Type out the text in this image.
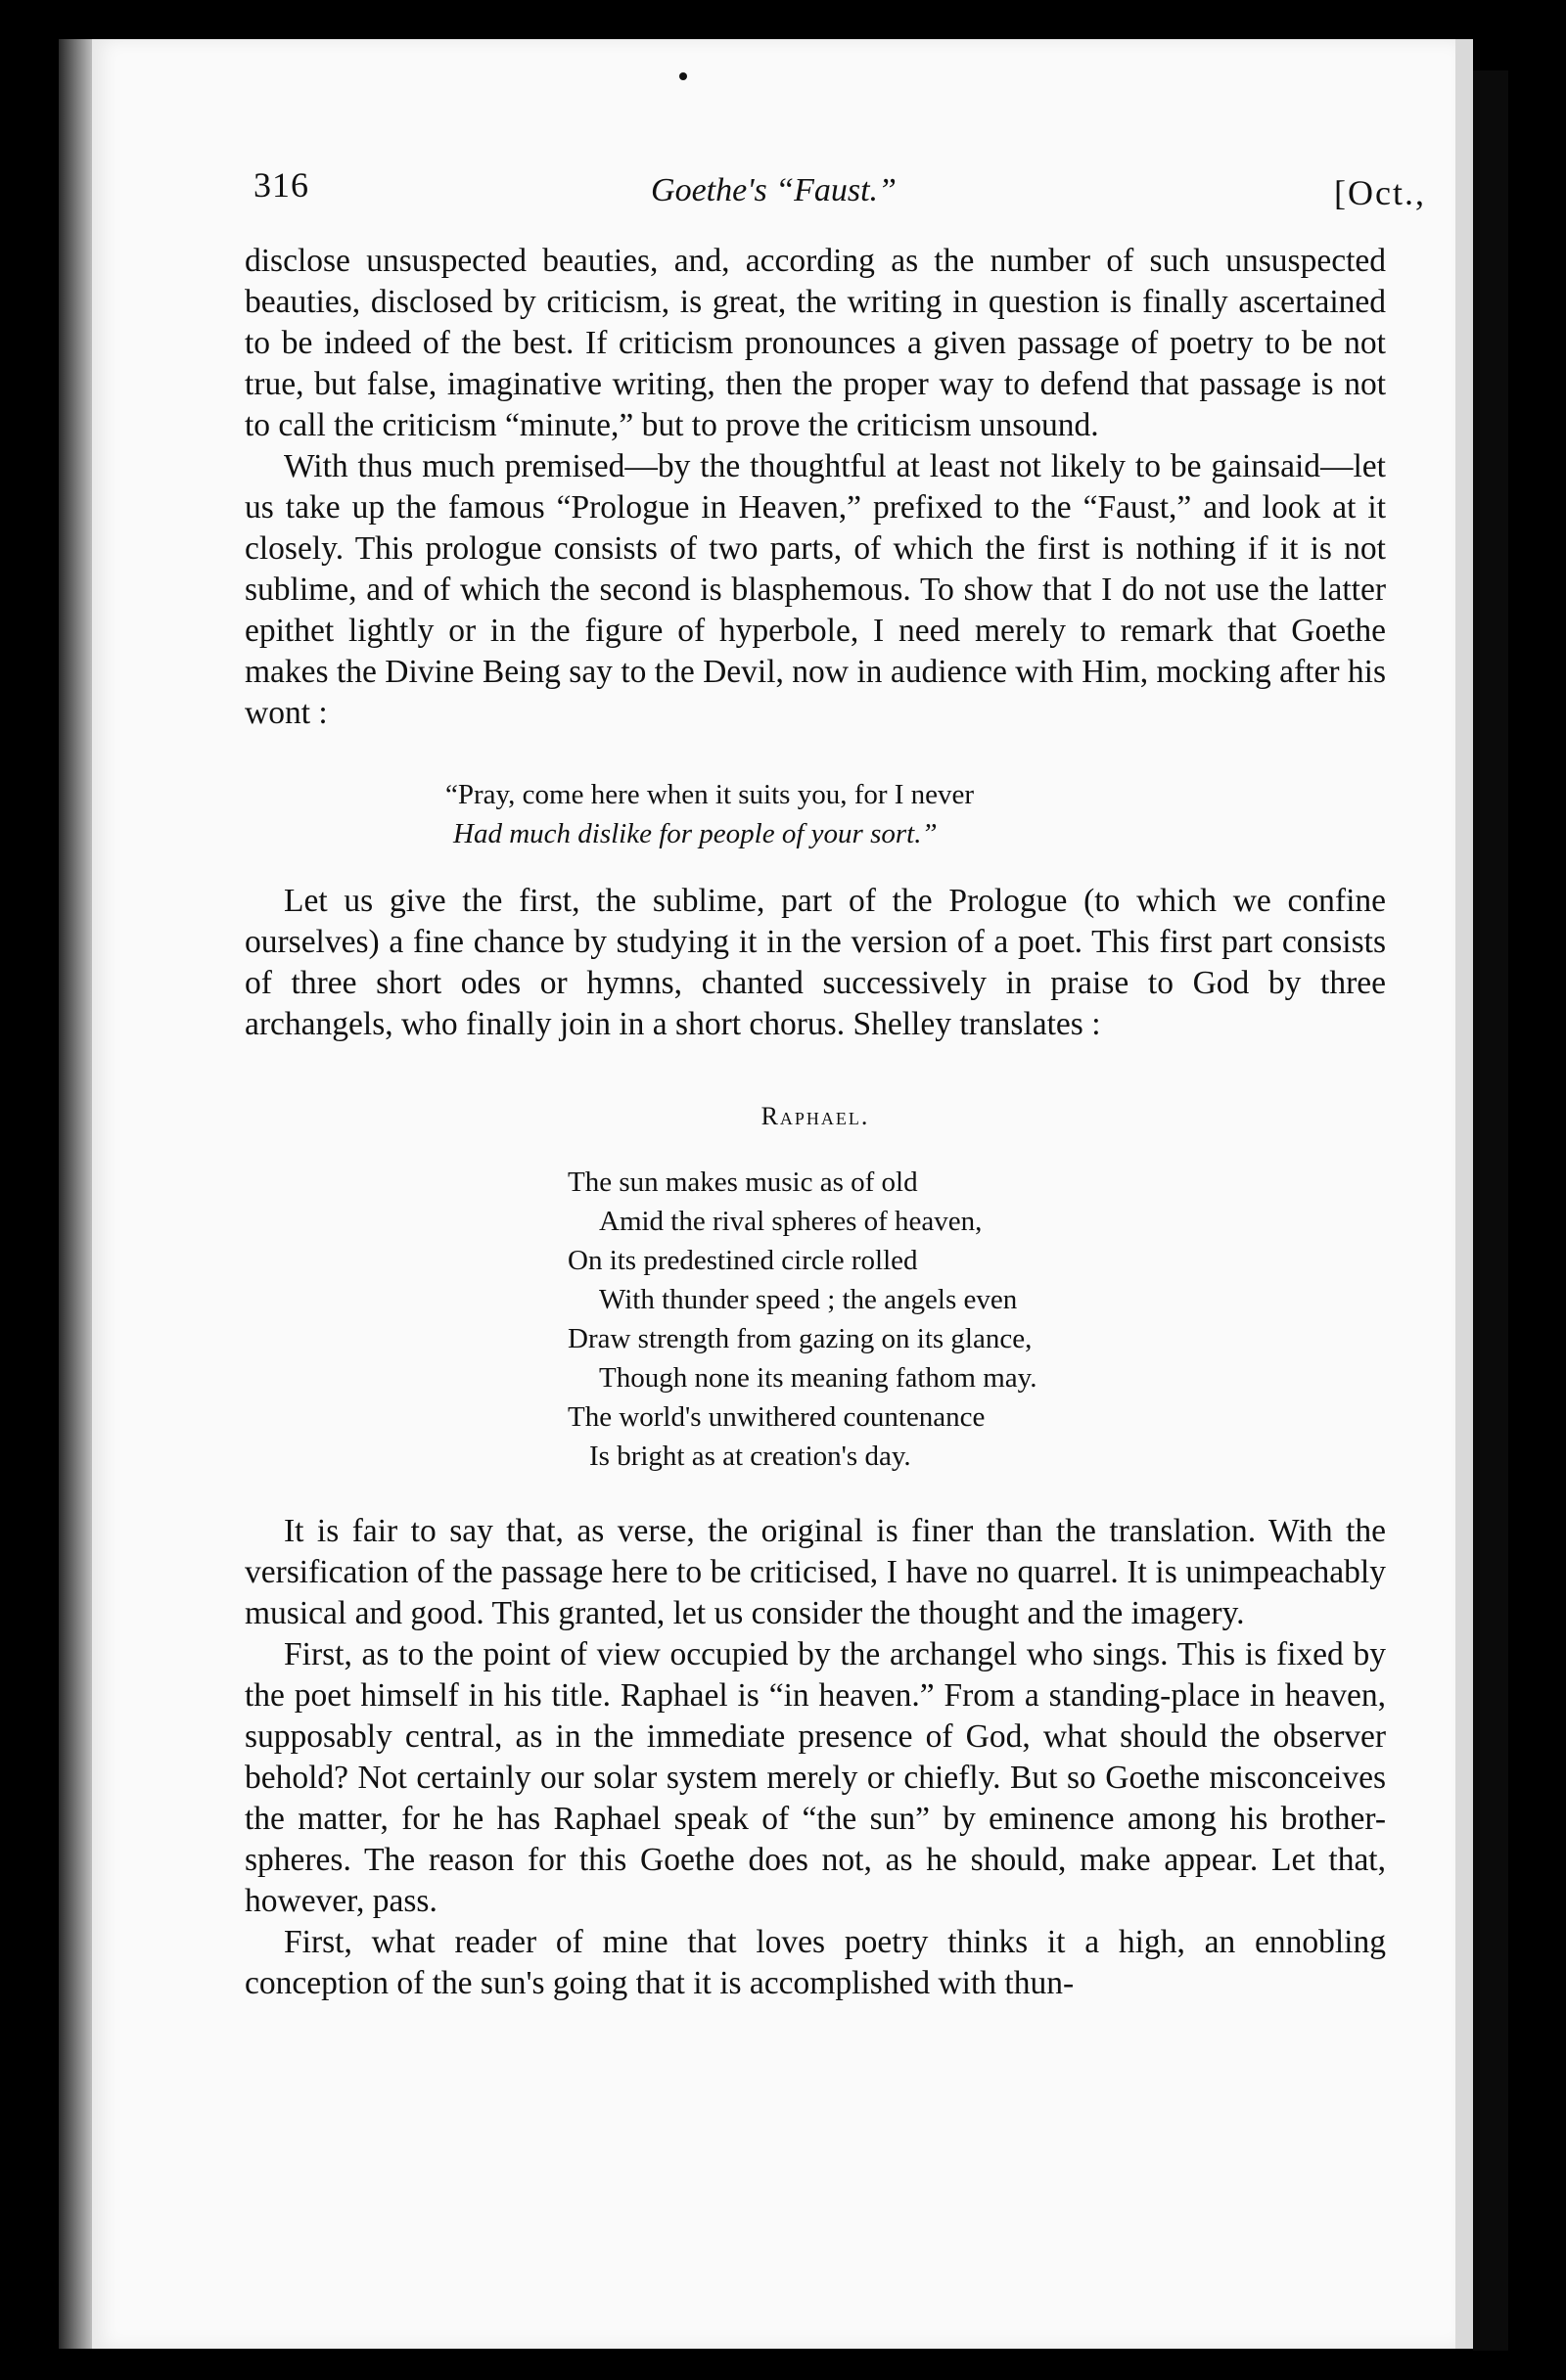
316	Goethe's “Faust.”	[Oct.,

disclose unsuspected beauties, and, according as the number of such unsuspected beauties, disclosed by criticism, is great, the writing in question is finally ascertained to be indeed of the best. If criticism pronounces a given passage of poetry to be not true, but false, imaginative writing, then the proper way to defend that passage is not to call the criticism “minute,” but to prove the criticism unsound.

With thus much premised—by the thoughtful at least not likely to be gainsaid—let us take up the famous “Prologue in Heaven,” prefixed to the “Faust,” and look at it closely. This prologue consists of two parts, of which the first is nothing if it is not sublime, and of which the second is blasphemous. To show that I do not use the latter epithet lightly or in the figure of hyperbole, I need merely to remark that Goethe makes the Divine Being say to the Devil, now in audience with Him, mocking after his wont :

“Pray, come here when it suits you, for I never
Had much dislike for people of your sort.”

Let us give the first, the sublime, part of the Prologue (to which we confine ourselves) a fine chance by studying it in the version of a poet. This first part consists of three short odes or hymns, chanted successively in praise to God by three archangels, who finally join in a short chorus. Shelley translates :

Raphael.
The sun makes music as of old
Amid the rival spheres of heaven,
On its predestined circle rolled
With thunder speed ; the angels even
Draw strength from gazing on its glance,
Though none its meaning fathom may.
The world's unwithered countenance
Is bright as at creation's day.

It is fair to say that, as verse, the original is finer than the translation. With the versification of the passage here to be criticised, I have no quarrel. It is unimpeachably musical and good. This granted, let us consider the thought and the imagery.

First, as to the point of view occupied by the archangel who sings. This is fixed by the poet himself in his title. Raphael is “in heaven.” From a standing-place in heaven, supposably central, as in the immediate presence of God, what should the observer behold? Not certainly our solar system merely or chiefly. But so Goethe misconceives the matter, for he has Raphael speak of “the sun” by eminence among his brother-spheres. The reason for this Goethe does not, as he should, make appear. Let that, however, pass.

First, what reader of mine that loves poetry thinks it a high, an ennobling conception of the sun's going that it is accomplished with thun-
